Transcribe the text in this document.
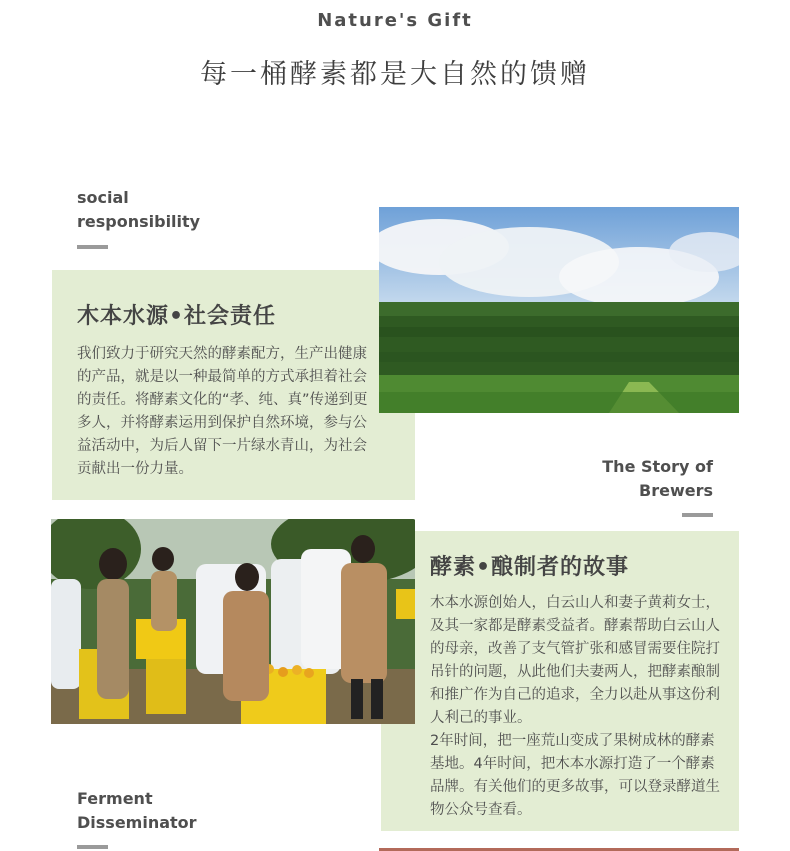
Nature's Gift
每一桶酵素都是大自然的馈赠
social
responsibility
木本水源•社会责任
我们致力于研究天然的酵素配方，生产出健康的产品，就是以一种最简单的方式承担着社会的责任。将酵素文化的“孝、纯、真”传递到更多人，并将酵素运用到保护自然环境，参与公益活动中，为后人留下一片绿水青山，为社会贡献出一份力量。	The Story of
Brewers
酵素•酿制者的故事
木本水源创始人，白云山人和妻子黄莉女士，及其一家都是酵素受益者。酵素帮助白云山人的母亲，改善了支气管扩张和感冒需要住院打吊针的问题，从此他们夫妻两人，把酵素酿制和推广作为自己的追求，全力以赴从事这份利人利己的事业。
2年时间，把一座荒山变成了果树成林的酵素基地。4年时间，把木本水源打造了一个酵素品牌。有关他们的更多故事，可以登录酵道生物公众号查看。
Ferment
Disseminator
